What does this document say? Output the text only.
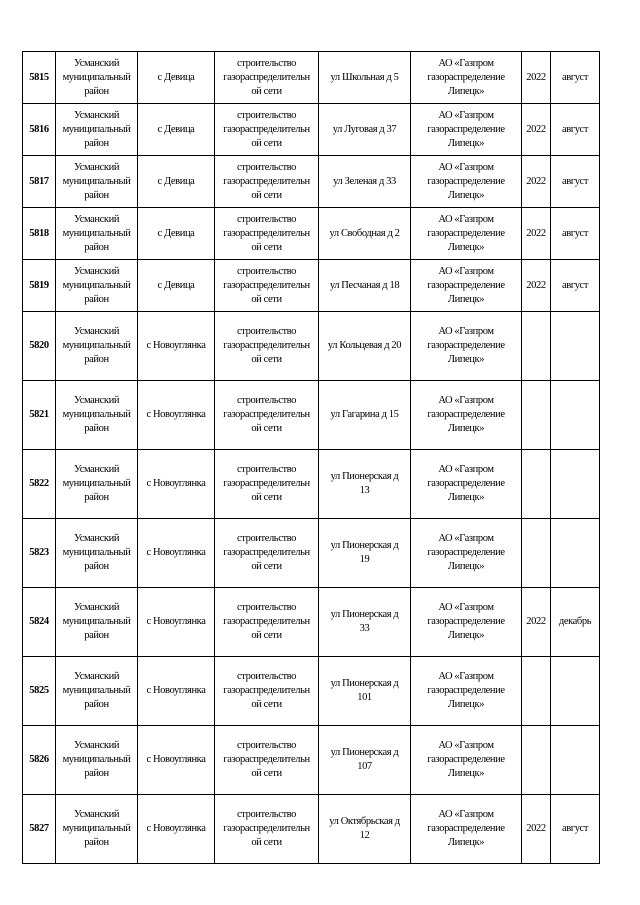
5815	Усманский
муниципальный
район	с Девица	строительство
газораспределительн
ой сети	ул Школьная д 5	АО «Газпром
газораспределение
Липецк»	2022	август
5816	Усманский
муниципальный
район	с Девица	строительство
газораспределительн
ой сети	ул Луговая д 37	АО «Газпром
газораспределение
Липецк»	2022	август
5817	Усманский
муниципальный
район	с Девица	строительство
газораспределительн
ой сети	ул Зеленая д 33	АО «Газпром
газораспределение
Липецк»	2022	август
5818	Усманский
муниципальный
район	с Девица	строительство
газораспределительн
ой сети	ул Свободная д 2	АО «Газпром
газораспределение
Липецк»	2022	август
5819	Усманский
муниципальный
район	с Девица	строительство
газораспределительн
ой сети	ул Песчаная д 18	АО «Газпром
газораспределение
Липецк»	2022	август
5820	Усманский
муниципальный
район	с Новоуглянка	строительство
газораспределительн
ой сети	ул Кольцевая д 20	АО «Газпром
газораспределение
Липецк»		

5821	Усманский
муниципальный
район	с Новоуглянка	строительство
газораспределительн
ой сети	ул Гагарина д 15	АО «Газпром
газораспределение
Липецк»		

5822	Усманский
муниципальный
район	с Новоуглянка	строительство
газораспределительн
ой сети	ул Пионерская д
13	АО «Газпром
газораспределение
Липецк»		

5823	Усманский
муниципальный
район	с Новоуглянка	строительство
газораспределительн
ой сети	ул Пионерская д
19	АО «Газпром
газораспределение
Липецк»		

5824	Усманский
муниципальный
район	с Новоуглянка	строительство
газораспределительн
ой сети	ул Пионерская д
33	АО «Газпром
газораспределение
Липецк»	2022	декабрь
5825	Усманский
муниципальный
район	с Новоуглянка	строительство
газораспределительн
ой сети	ул Пионерская д
101	АО «Газпром
газораспределение
Липецк»		

5826	Усманский
муниципальный
район	с Новоуглянка	строительство
газораспределительн
ой сети	ул Пионерская д
107	АО «Газпром
газораспределение
Липецк»		

5827	Усманский
муниципальный
район	с Новоуглянка	строительство
газораспределительн
ой сети	ул Октябрьская д
12	АО «Газпром
газораспределение
Липецк»	2022	август
